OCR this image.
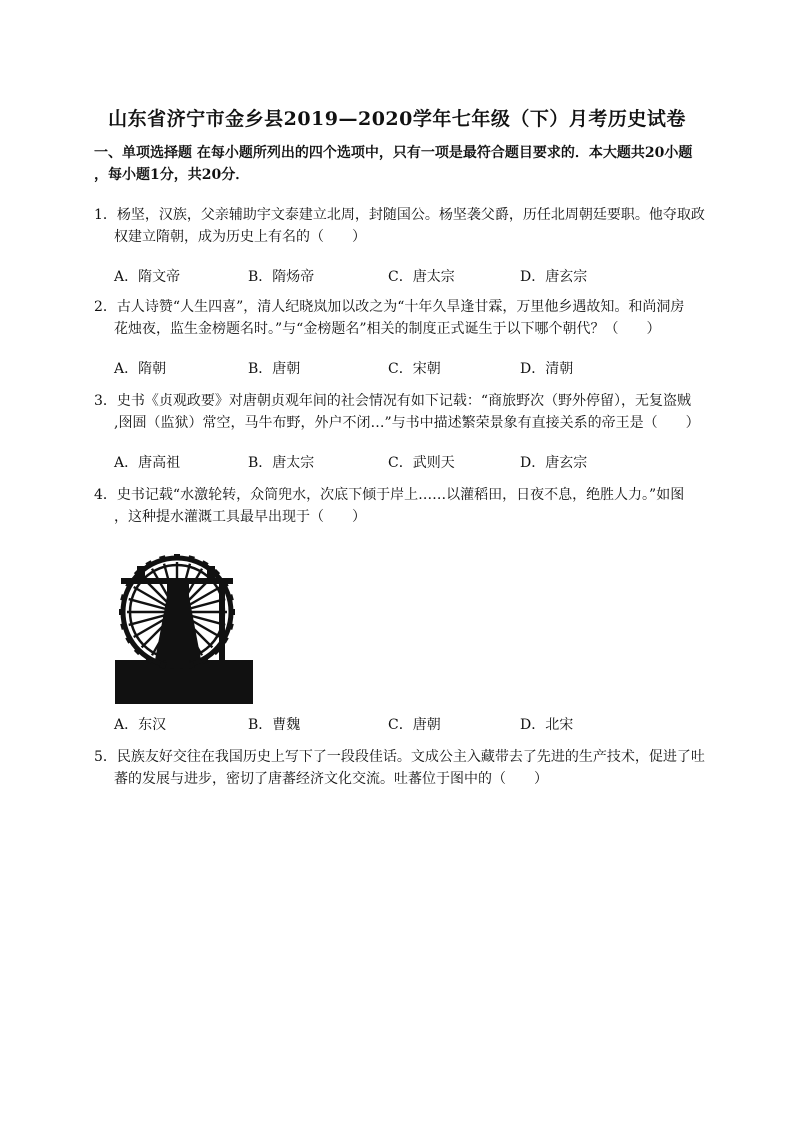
山东省济宁市金乡县2019—2020学年七年级（下）月考历史试卷
一、单项选择题 在每小题所列出的四个选项中，只有一项是最符合题目要求的．本大题共20小题
，每小题1分，共20分．
1．杨坚，汉族，父亲辅助宇文泰建立北周，封随国公。杨坚袭父爵，历任北周朝廷要职。他夺取政
权建立隋朝，成为历史上有名的（　　）
A．隋文帝	B．隋炀帝	C．唐太宗	D．唐玄宗
2．古人诗赞“人生四喜”，清人纪晓岚加以改之为“十年久旱逢甘霖，万里他乡遇故知。和尚洞房
花烛夜，监生金榜题名时。”与“金榜题名”相关的制度正式诞生于以下哪个朝代？（　　）
A．隋朝	B．唐朝	C．宋朝	D．清朝
3．史书《贞观政要》对唐朝贞观年间的社会情况有如下记载：“商旅野次（野外停留），无复盗贼
,囹圄（监狱）常空，马牛布野，外户不闭…”与书中描述繁荣景象有直接关系的帝王是（　　）
A．唐高祖	B．唐太宗	C．武则天	D．唐玄宗
4．史书记载“水激轮转，众筒兜水，次底下倾于岸上……以灌稻田，日夜不息，绝胜人力。”如图
，这种提水灌溉工具最早出现于（　　）
A．东汉	B．曹魏	C．唐朝	D．北宋
5．民族友好交往在我国历史上写下了一段段佳话。文成公主入藏带去了先进的生产技术，促进了吐
蕃的发展与进步，密切了唐蕃经济文化交流。吐蕃位于图中的（　　）
